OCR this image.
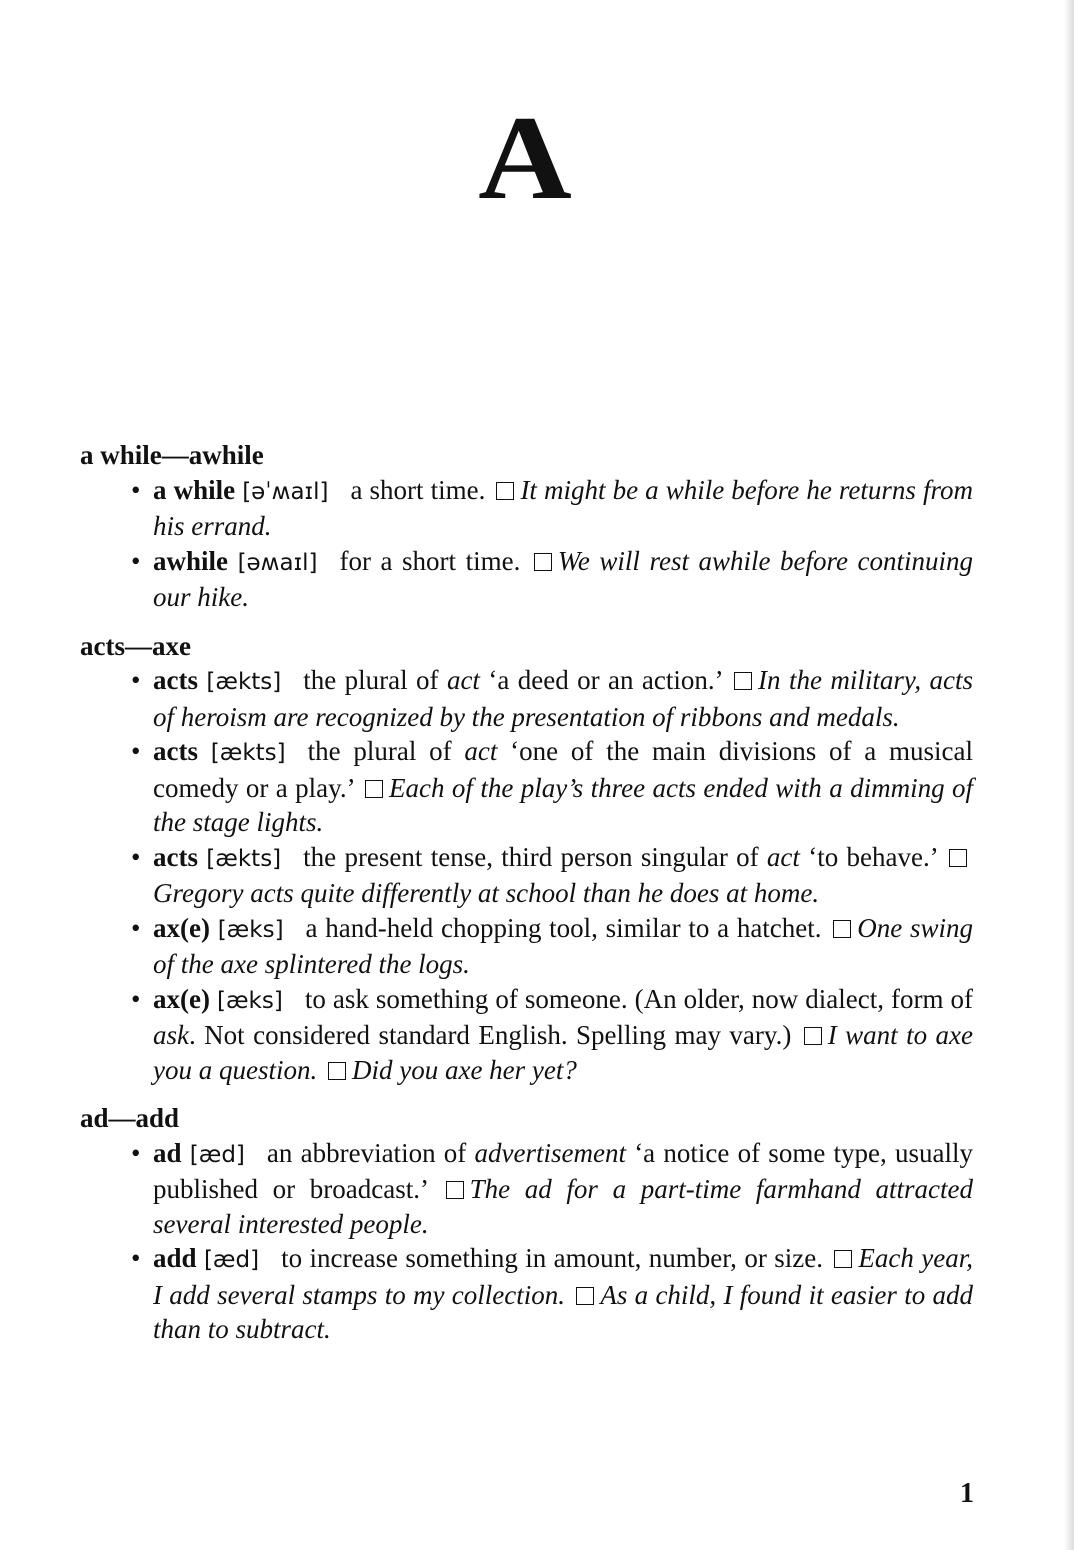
A

a while—awhile

• a while [əˈʍaɪl] a short time. It might be a while before he returns from his errand.

• awhile [əʍaɪl] for a short time. We will rest awhile before continuing our hike.

acts—axe

• acts [ækts] the plural of act ‘a deed or an action.’ In the military, acts of heroism are recognized by the presentation of ribbons and medals.

• acts [ækts] the plural of act ‘one of the main divisions of a musical comedy or a play.’ Each of the play’s three acts ended with a dimming of the stage lights.

• acts [ækts] the present tense, third person singular of act ‘to behave.’ Gregory acts quite differently at school than he does at home.

• ax(e) [æks] a hand-held chopping tool, similar to a hatchet. One swing of the axe splintered the logs.

• ax(e) [æks] to ask something of someone. (An older, now dialect, form of ask. Not considered standard English. Spelling may vary.) I want to axe you a question. Did you axe her yet?

ad—add

• ad [æd] an abbreviation of advertisement ‘a notice of some type, usually published or broadcast.’ The ad for a part-time farmhand attracted several interested people.

• add [æd] to increase something in amount, number, or size. Each year, I add several stamps to my collection. As a child, I found it easier to add than to subtract.

1
